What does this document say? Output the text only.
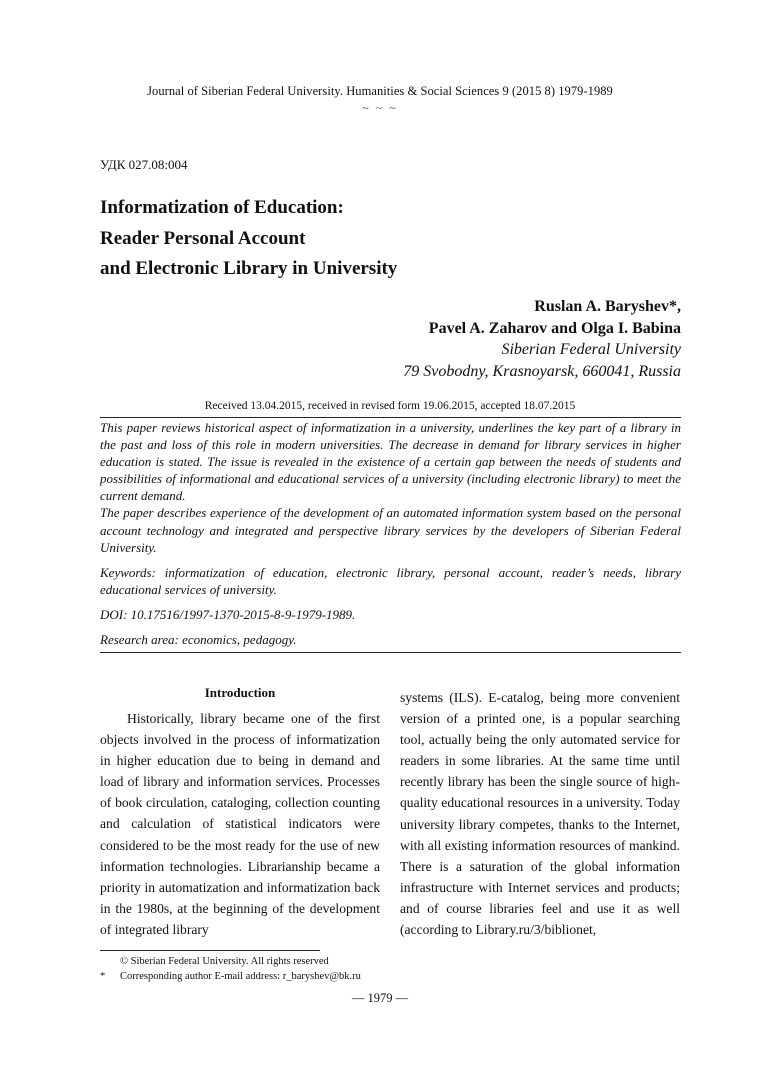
Journal of Siberian Federal University. Humanities & Social Sciences 9 (2015 8) 1979-1989
~ ~ ~
УДК 027.08:004
Informatization of Education:
Reader Personal Account
and Electronic Library in University
Ruslan A. Baryshev*,
Pavel A. Zaharov and Olga I. Babina
Siberian Federal University
79 Svobodny, Krasnoyarsk, 660041, Russia
Received 13.04.2015, received in revised form 19.06.2015, accepted 18.07.2015

This paper reviews historical aspect of informatization in a university, underlines the key part of a library in the past and loss of this role in modern universities. The decrease in demand for library services in higher education is stated. The issue is revealed in the existence of a certain gap between the needs of students and possibilities of informational and educational services of a university (including electronic library) to meet the current demand.

The paper describes experience of the development of an automated information system based on the personal account technology and integrated and perspective library services by the developers of Siberian Federal University.

Keywords: informatization of education, electronic library, personal account, reader’s needs, library educational services of university.

DOI: 10.17516/1997-1370-2015-8-9-1979-1989.

Research area: economics, pedagogy.

Introduction

Historically, library became one of the first objects involved in the process of informatization in higher education due to being in demand and load of library and information services. Processes of book circulation, cataloging, collection counting and calculation of statistical indicators were considered to be the most ready for the use of new information technologies. Librarianship became a priority in automatization and informatization back in the 1980s, at the beginning of the development of integrated library

systems (ILS). E-catalog, being more convenient version of a printed one, is a popular searching tool, actually being the only automated service for readers in some libraries. At the same time until recently library has been the single source of high-quality educational resources in a university. Today university library competes, thanks to the Internet, with all existing information resources of mankind. There is a saturation of the global information infrastructure with Internet services and products; and of course libraries feel and use it as well (according to Library.ru/3/biblionet,

© Siberian Federal University. All rights reserved
*	Corresponding author E-mail address: r_baryshev@bk.ru
— 1979 —
